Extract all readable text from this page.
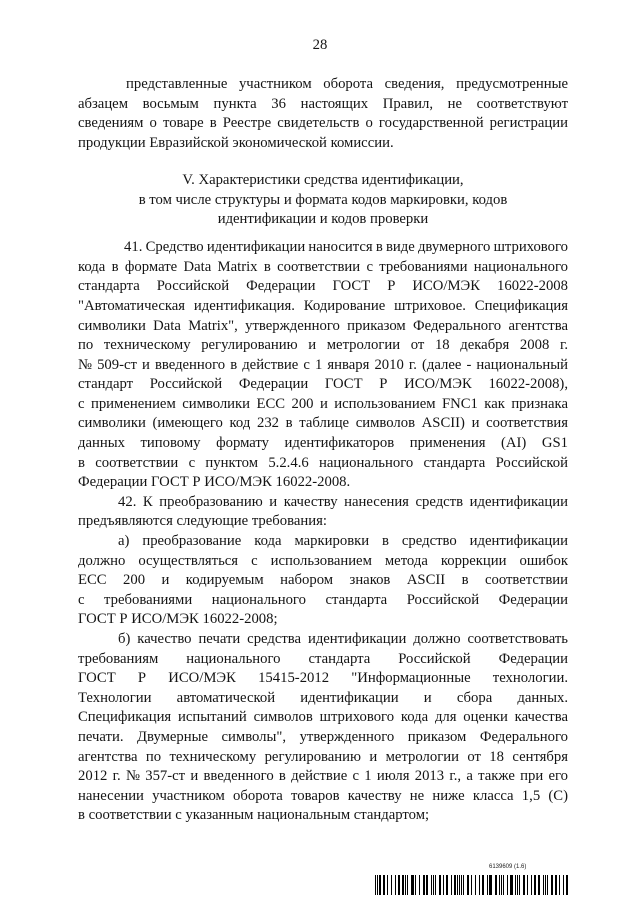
28
представленные участником оборота сведения, предусмотренные
абзацем восьмым пункта 36 настоящих Правил, не соответствуют
сведениям о товаре в Реестре свидетельств о государственной регистрации
продукции Евразийской экономической комиссии.
V. Характеристики средства идентификации,
в том числе структуры и формата кодов маркировки, кодов
идентификации и кодов проверки
41. Средство идентификации наносится в виде двумерного штрихового
кода в формате Data Matrix в соответствии с требованиями национального
стандарта Российской Федерации ГОСТ Р ИСО/МЭК 16022-2008
"Автоматическая идентификация. Кодирование штриховое. Спецификация
символики Data Matrix", утвержденного приказом Федерального агентства
по техническому регулированию и метрологии от 18 декабря 2008 г.
№ 509-ст и введенного в действие с 1 января 2010 г. (далее - национальный
стандарт Российской Федерации ГОСТ Р ИСО/МЭК 16022-2008),
с применением символики ECC 200 и использованием FNC1 как признака
символики (имеющего код 232 в таблице символов ASCII) и соответствия
данных типовому формату идентификаторов применения (AI) GS1
в соответствии с пунктом 5.2.4.6 национального стандарта Российской
Федерации ГОСТ Р ИСО/МЭК 16022-2008.
42. К преобразованию и качеству нанесения средств идентификации
предъявляются следующие требования:
а) преобразование кода маркировки в средство идентификации
должно осуществляться с использованием метода коррекции ошибок
ECC 200 и кодируемым набором знаков ASCII в соответствии
с требованиями национального стандарта Российской Федерации
ГОСТ Р ИСО/МЭК 16022-2008;
б) качество печати средства идентификации должно соответствовать
требованиям национального стандарта Российской Федерации
ГОСТ Р ИСО/МЭК 15415-2012 "Информационные технологии.
Технологии автоматической идентификации и сбора данных.
Спецификация испытаний символов штрихового кода для оценки качества
печати. Двумерные символы", утвержденного приказом Федерального
агентства по техническому регулированию и метрологии от 18 сентября
2012 г. № 357-ст и введенного в действие с 1 июля 2013 г., а также при его
нанесении участником оборота товаров качеству не ниже класса 1,5 (С)
в соответствии с указанным национальным стандартом;
6139609 (1.6)
